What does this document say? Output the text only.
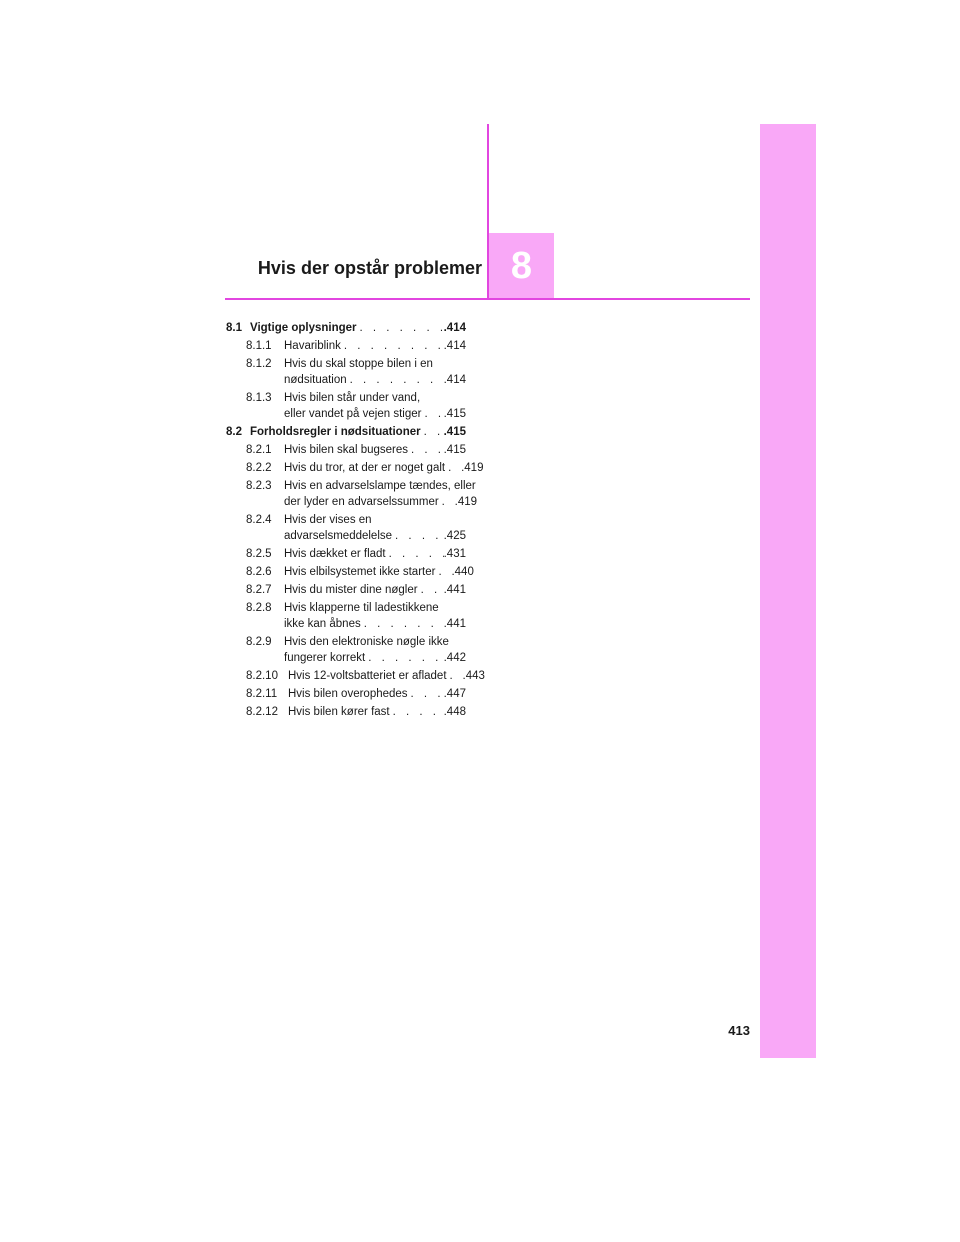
8
Hvis der opstår problemer
8.1 Vigtige oplysninger . . .	.414
8.1.1	Havariblink . . .	.414
8.1.2	Hvis du skal stoppe bilen i en
nødsituation . . .	.414
8.1.3	Hvis bilen står under vand,
eller vandet på vejen stiger . . . .415
8.2 Forholdsregler i nødsituationer . . . .415
8.2.1	Hvis bilen skal bugseres . . .	.415
8.2.2	Hvis du tror, at der er noget galt . . . .419
8.2.3	Hvis en advarselslampe tændes, eller
der lyder en advarselssummer . . . .419
8.2.4	Hvis der vises en
advarselsmeddelelse . . .	.425
8.2.5	Hvis dækket er fladt . . .	.431
8.2.6	Hvis elbilsystemet ikke starter . . . .440
8.2.7	Hvis du mister dine nøgler . . . .441
8.2.8	Hvis klapperne til ladestikkene
ikke kan åbnes . . .	.441
8.2.9	Hvis den elektroniske nøgle ikke
fungerer korrekt . . .	.442
8.2.10 Hvis 12-voltsbatteriet er afladet . . . .443
8.2.11 Hvis bilen overophedes . . .	.447
8.2.12 Hvis bilen kører fast . . .	.448
413
